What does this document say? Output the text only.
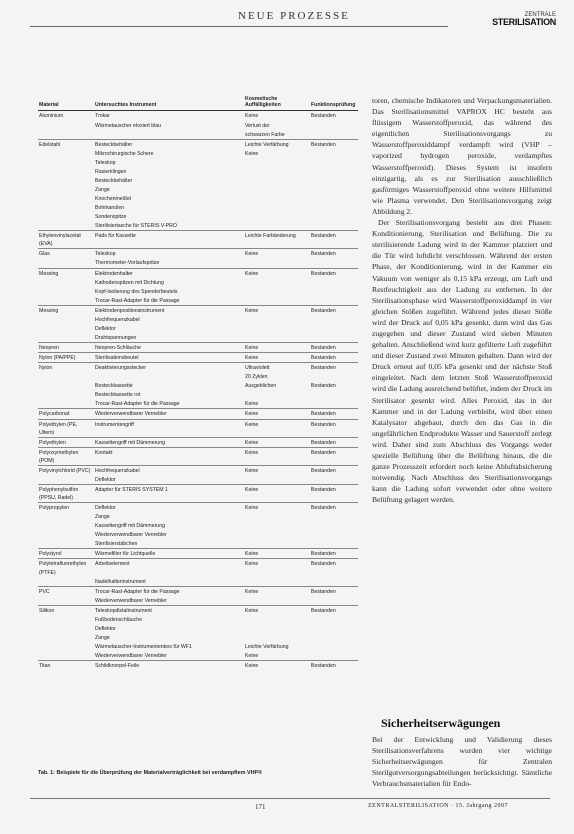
NEUE PROZESSE	ZENTRALE
STERILISATION
Material	Untersuchtes Instrument	Kosmetische Auffälligkeiten	Funktionsprüfung
Aluminium	Trokar	Keine	Bestanden
	Wärmetauscher eloxiert blau	Verlust der	
		schwarzen Farbe	
Edelstahl	Besteckbehälter	Leichte Verfärbung	Bestanden
	Mikrochirurgische Schere	Keine	
	Teleskop		
	Rasierklingen		
	Besteckbehälter		
	Zange		
	Knochenmeißel		
	Bohrkanülen		
	Sondenspitze		
	Sterilisiertasche für STERIS V-PRO		
Ethylenvinylacetat (EVA)	Pads für Kassette	Leichte Farbänderung	Bestanden
Glas	Teleskop	Keine	Bestanden
	Thermometer-Vorlaufspritze		
Messing	Elektrodenhalter	Keine	Bestanden
	Kathodenspitzen mit Dichtung		
	Kopf-Isolierung des Spenderbeutels		
	Trocar-Rast-Adapter für die Passage		
Messing	Elektrodenpositionsinstrument	Keine	Bestanden
	Hochfrequenzkabel		
	Deflektor		
	Drahtspannungen		
Neopren	Neopren-Schläuche	Keine	Bestanden
Nylon (PA/PPE)	Sterilisationsbeutel	Keine	Bestanden
Nylon	Deaktivierungsstecker	Ultraviolett	Bestanden
		20 Zyklen	
	Besteckkassette	Ausgeblichen	Bestanden
	Besteckkassette rot		
	Trocar-Rast-Adapter für die Passage	Keine	
Polycarbonat	Wiederverwendbarer Vernebler	Keine	Bestanden
Polyethylen (PE, Ultem)	Instrumentengriff	Keine	Bestanden
Polyethylen	Kassettengriff mit Dämmerung	Keine	Bestanden
Polyoxymethylen (POM)	Kontakt	Keine	Bestanden
Polyvinylchlorid (PVC)	Hochfrequenzkabel	Keine	Bestanden
	Deflektor		
Polyphenylsulfon (PPSU, Radel)	Adapter für STERIS SYSTEM 1	Keine	Bestanden
Polypropylen	Deflektor	Keine	Bestanden
	Zange		
	Kassettengriff mit Dämmerung		
	Wiederverwendbarer Vernebler		
	Sterilisierstäbchen		
Polystyrol	Wärmefilter für Lichtquelle	Keine	Bestanden
Polytetrafluorethylen (PTFE)	Arbeitselement	Keine	Bestanden
	Nadelhalterinstrument		
PVC	Trocar-Rast-Adapter für die Passage	Keine	Bestanden
	Wiederverwendbarer Vernebler		
Silikon	Teleskopdistalinstrument	Keine	Bestanden
	Fußbodenschläuche		
	Deflektor		
	Zange		
	Wärmetauscher-Instrumentenbox für WF1	Leichte Verfärbung	
	Wiederverwendbarer Vernebler	Keine	
Titan	Schildknorpel-Feile	Keine	Bestanden
Tab. 1: Beispiele für die Überprüfung der Materialverträglichkeit bei verdampftem VHP®

toren, chemische Indikatoren und Verpackungsmaterialien. Das Sterilisationsmittel VAPROX HC besteht aus flüssigem Wasserstoffperoxid, das während des eigentlichen Sterilisationsvorgangs zu Wasserstoffperoxiddampf verdampft wird (VHP – vaporized hydrogen peroxide, verdampftes Wasserstoffperoxid). Dieses System ist insofern einzigartig, als es zur Sterilisation ausschließlich gasförmiges Wasserstoffperoxid ohne weitere Hilfsmittel wie Plasma verwendet. Den Sterilisationsvorgang zeigt Abbildung 2.

Der Sterilisationsvorgang besteht aus drei Phasen: Konditionierung, Sterilisation und Belüftung. Die zu sterilisierende Ladung wird in der Kammer platziert und die Tür wird luftdicht verschlossen. Während der ersten Phase, der Konditionierung, wird in der Kammer ein Vakuum von weniger als 0,15 kPa erzeugt, um Luft und Restfeuchtigkeit aus der Ladung zu entfernen. In der Sterilisationsphase wird Wasserstoffperoxiddampf in vier gleichen Stößen zugeführt. Während jedes dieser Stöße wird der Druck auf 0,05 kPa gesenkt, dann wird das Gas zugegeben und dieser Zustand wird sieben Minuten gehalten. Anschließend wird kurz gefilterte Luft zugeführt und dieser Zustand zwei Minuten gehalten. Dann wird der Druck erneut auf 0,05 kPa gesenkt und der nächste Stoß eingeleitet. Nach dem letzten Stoß Wasserstoffperoxid wird die Ladung ausreichend belüftet, indem der Druck im Sterilisator gesenkt wird. Alles Peroxid, das in der Kammer und in der Ladung verbleibt, wird über einen Katalysator abgebaut, durch den das Gas in die ungefährlichen Endprodukte Wasser und Sauerstoff zerlegt wird. Daher sind zum Abschluss des Vorgangs weder spezielle Belüftung über die Belüftung hinaus, die die ganze Prozesszeit erfordert noch keine Abluftabsicherung notwendig. Nach Abschluss des Sterilisationsvorgangs kann die Ladung sofort verwendet oder ohne weitere Belüftung gelagert werden.

Sicherheitserwägungen
Bei der Entwicklung und Validierung dieses Sterilisationsverfahrens wurden vier wichtige Sicherheitserwägungen für Zentralen Sterilgutversorgungsabteilungen berücksichtigt. Sämtliche Verbrauchsmaterialien für Endo-
171	ZENTRALSTERILISATION · 15. Jahrgang 2007
